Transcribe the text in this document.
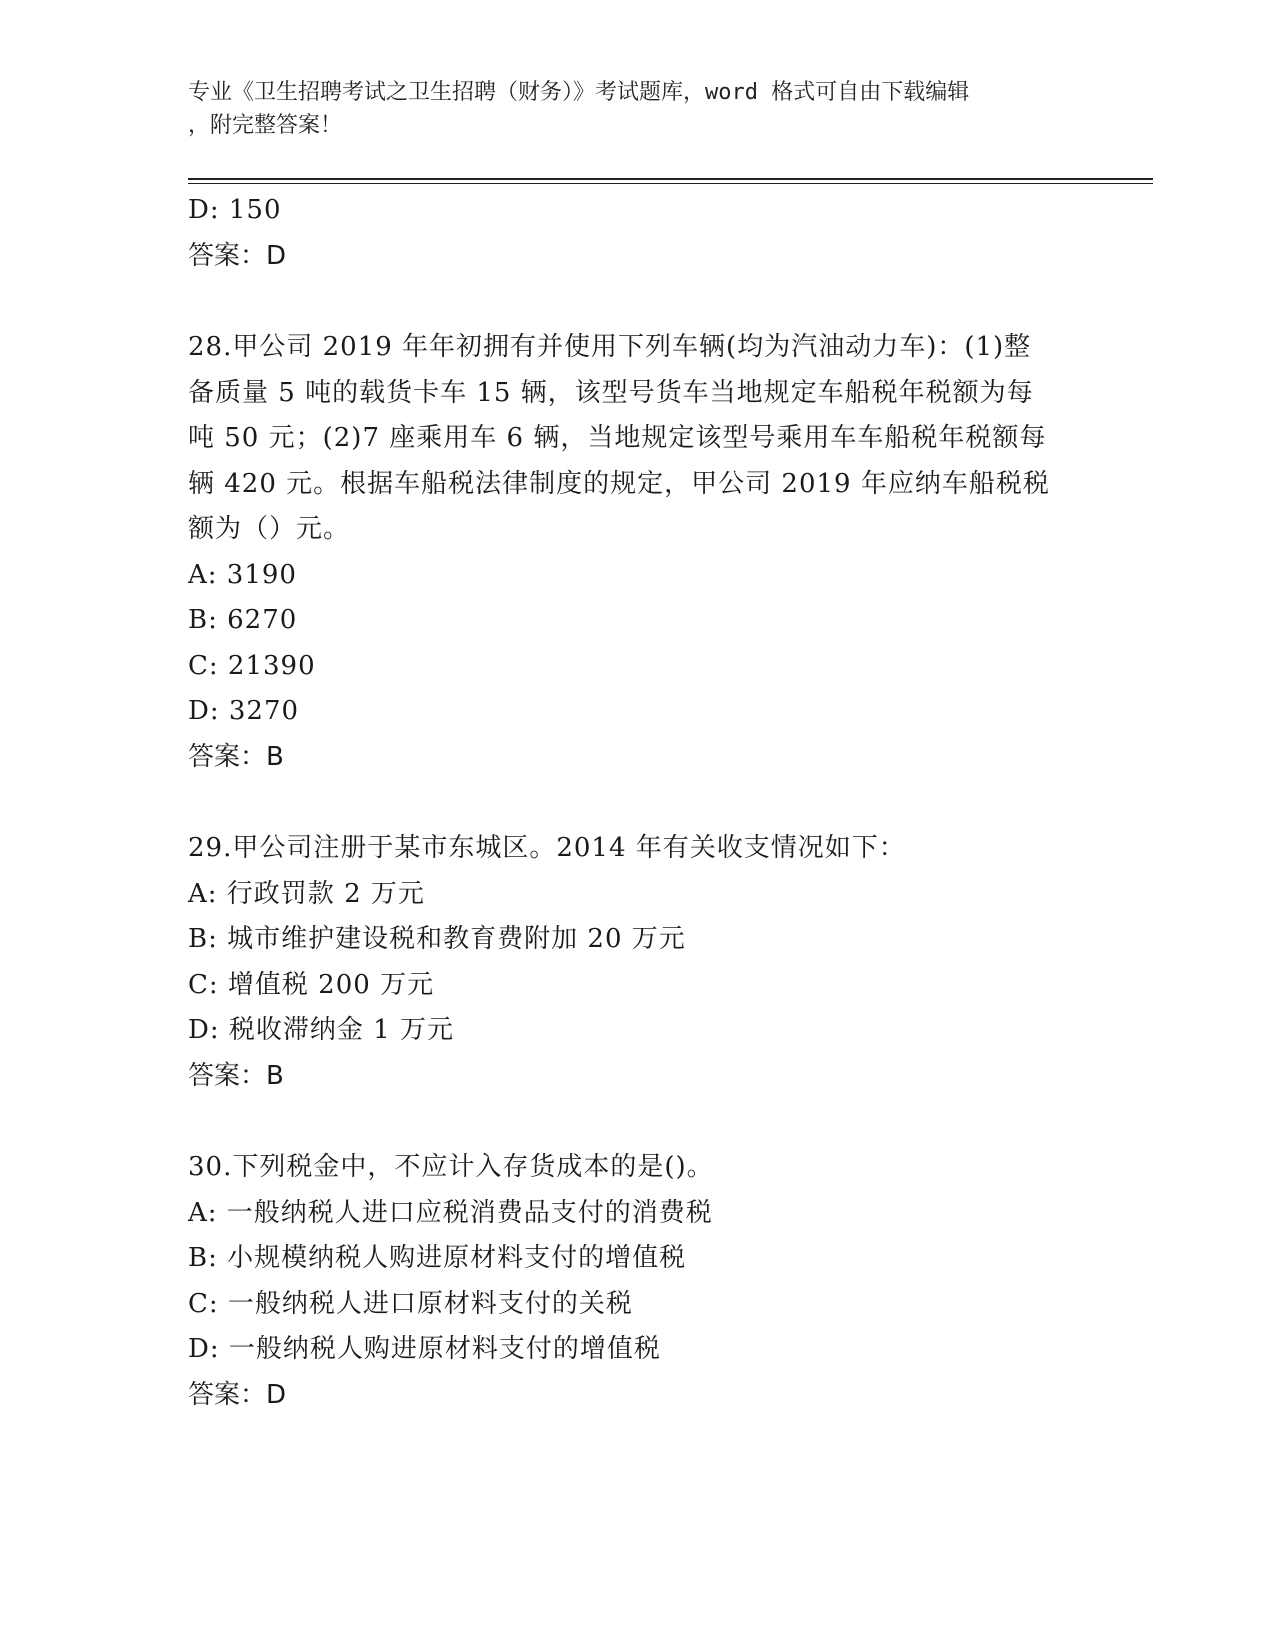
专业《卫生招聘考试之卫生招聘（财务）》考试题库，word 格式可自由下载编辑
，附完整答案！
D: 150
答案：D
28.甲公司 2019 年年初拥有并使用下列车辆(均为汽油动力车)：(1)整
备质量 5 吨的载货卡车 15 辆，该型号货车当地规定车船税年税额为每
吨 50 元；(2)7 座乘用车 6 辆，当地规定该型号乘用车车船税年税额每
辆 420 元。根据车船税法律制度的规定，甲公司 2019 年应纳车船税税
额为（）元。
A: 3190
B: 6270
C: 21390
D: 3270
答案：B
29.甲公司注册于某市东城区。2014 年有关收支情况如下：
A: 行政罚款 2 万元
B: 城市维护建设税和教育费附加 20 万元
C: 增值税 200 万元
D: 税收滞纳金 1 万元
答案：B
30.下列税金中，不应计入存货成本的是()。
A: 一般纳税人进口应税消费品支付的消费税
B: 小规模纳税人购进原材料支付的增值税
C: 一般纳税人进口原材料支付的关税
D: 一般纳税人购进原材料支付的增值税
答案：D
